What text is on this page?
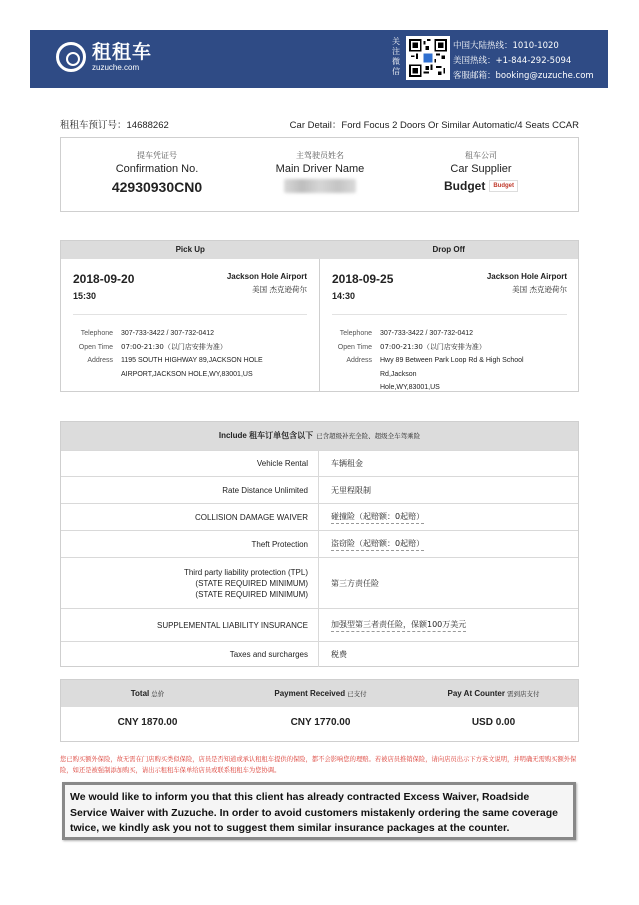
租租车
zuzuche.com
关注微信
中国大陆热线：1010-1020
美国热线：+1-844-292-5094
客服邮箱：booking@zuzuche.com
租租车预订号：14688262	Car Detail：Ford Focus 2 Doors Or Similar Automatic/4 Seats CCAR
提车凭证号
Confirmation No.
42930930CN0
主驾驶员姓名
Main Driver Name
租车公司
Car Supplier
Budget	Budget
Pick Up	Drop Off
2018-09-20
15:30
Jackson Hole Airport
美国 杰克逊荷尔
Telephone	307-733-3422 / 307-732-0412
Open Time	07:00-21:30（以门店安排为准）
Address	1195 SOUTH HIGHWAY 89,JACKSON HOLE
AIRPORT,JACKSON HOLE,WY,83001,US
2018-09-25
14:30
Jackson Hole Airport
美国 杰克逊荷尔
Telephone	307-733-3422 / 307-732-0412
Open Time	07:00-21:30（以门店安排为准）
Address	Hwy 89 Between Park Loop Rd & High School Rd,Jackson
Hole,WY,83001,US
Include 租车订单包含以下 已含超级补充全险、超级全车驾乘险
Vehicle Rental	车辆租金
Rate Distance Unlimited	无里程限制
COLLISION DAMAGE WAIVER	碰撞险（起赔额：0起赔）
Theft Protection	盗窃险（起赔额：0起赔）
Third party liability protection (TPL)
(STATE REQUIRED MINIMUM)
(STATE REQUIRED MINIMUM)
第三方责任险
SUPPLEMENTAL LIABILITY INSURANCE	加强型第三者责任险，保额100万美元
Taxes and surcharges	税费
Total 总价	Payment Received 已支付	Pay At Counter 需到店支付
CNY 1870.00	CNY 1770.00	USD 0.00
您已购买额外保险，故无需在门店购买类似保险，店员是否知道或承认租租车提供的保险，都不会影响您的理赔。若被店员推销保险，请向店员出示下方英文说明，并明确无需购买额外保险，如还是被强制添加购买，请出示租租车保单给店员或联系租租车为您协调。
We would like to inform you that this client has already contracted Excess Waiver, Roadside Service Waiver with Zuzuche. In order to avoid customers mistakenly ordering the same coverage twice, we kindly ask you not to suggest them similar insurance packages at the counter.
